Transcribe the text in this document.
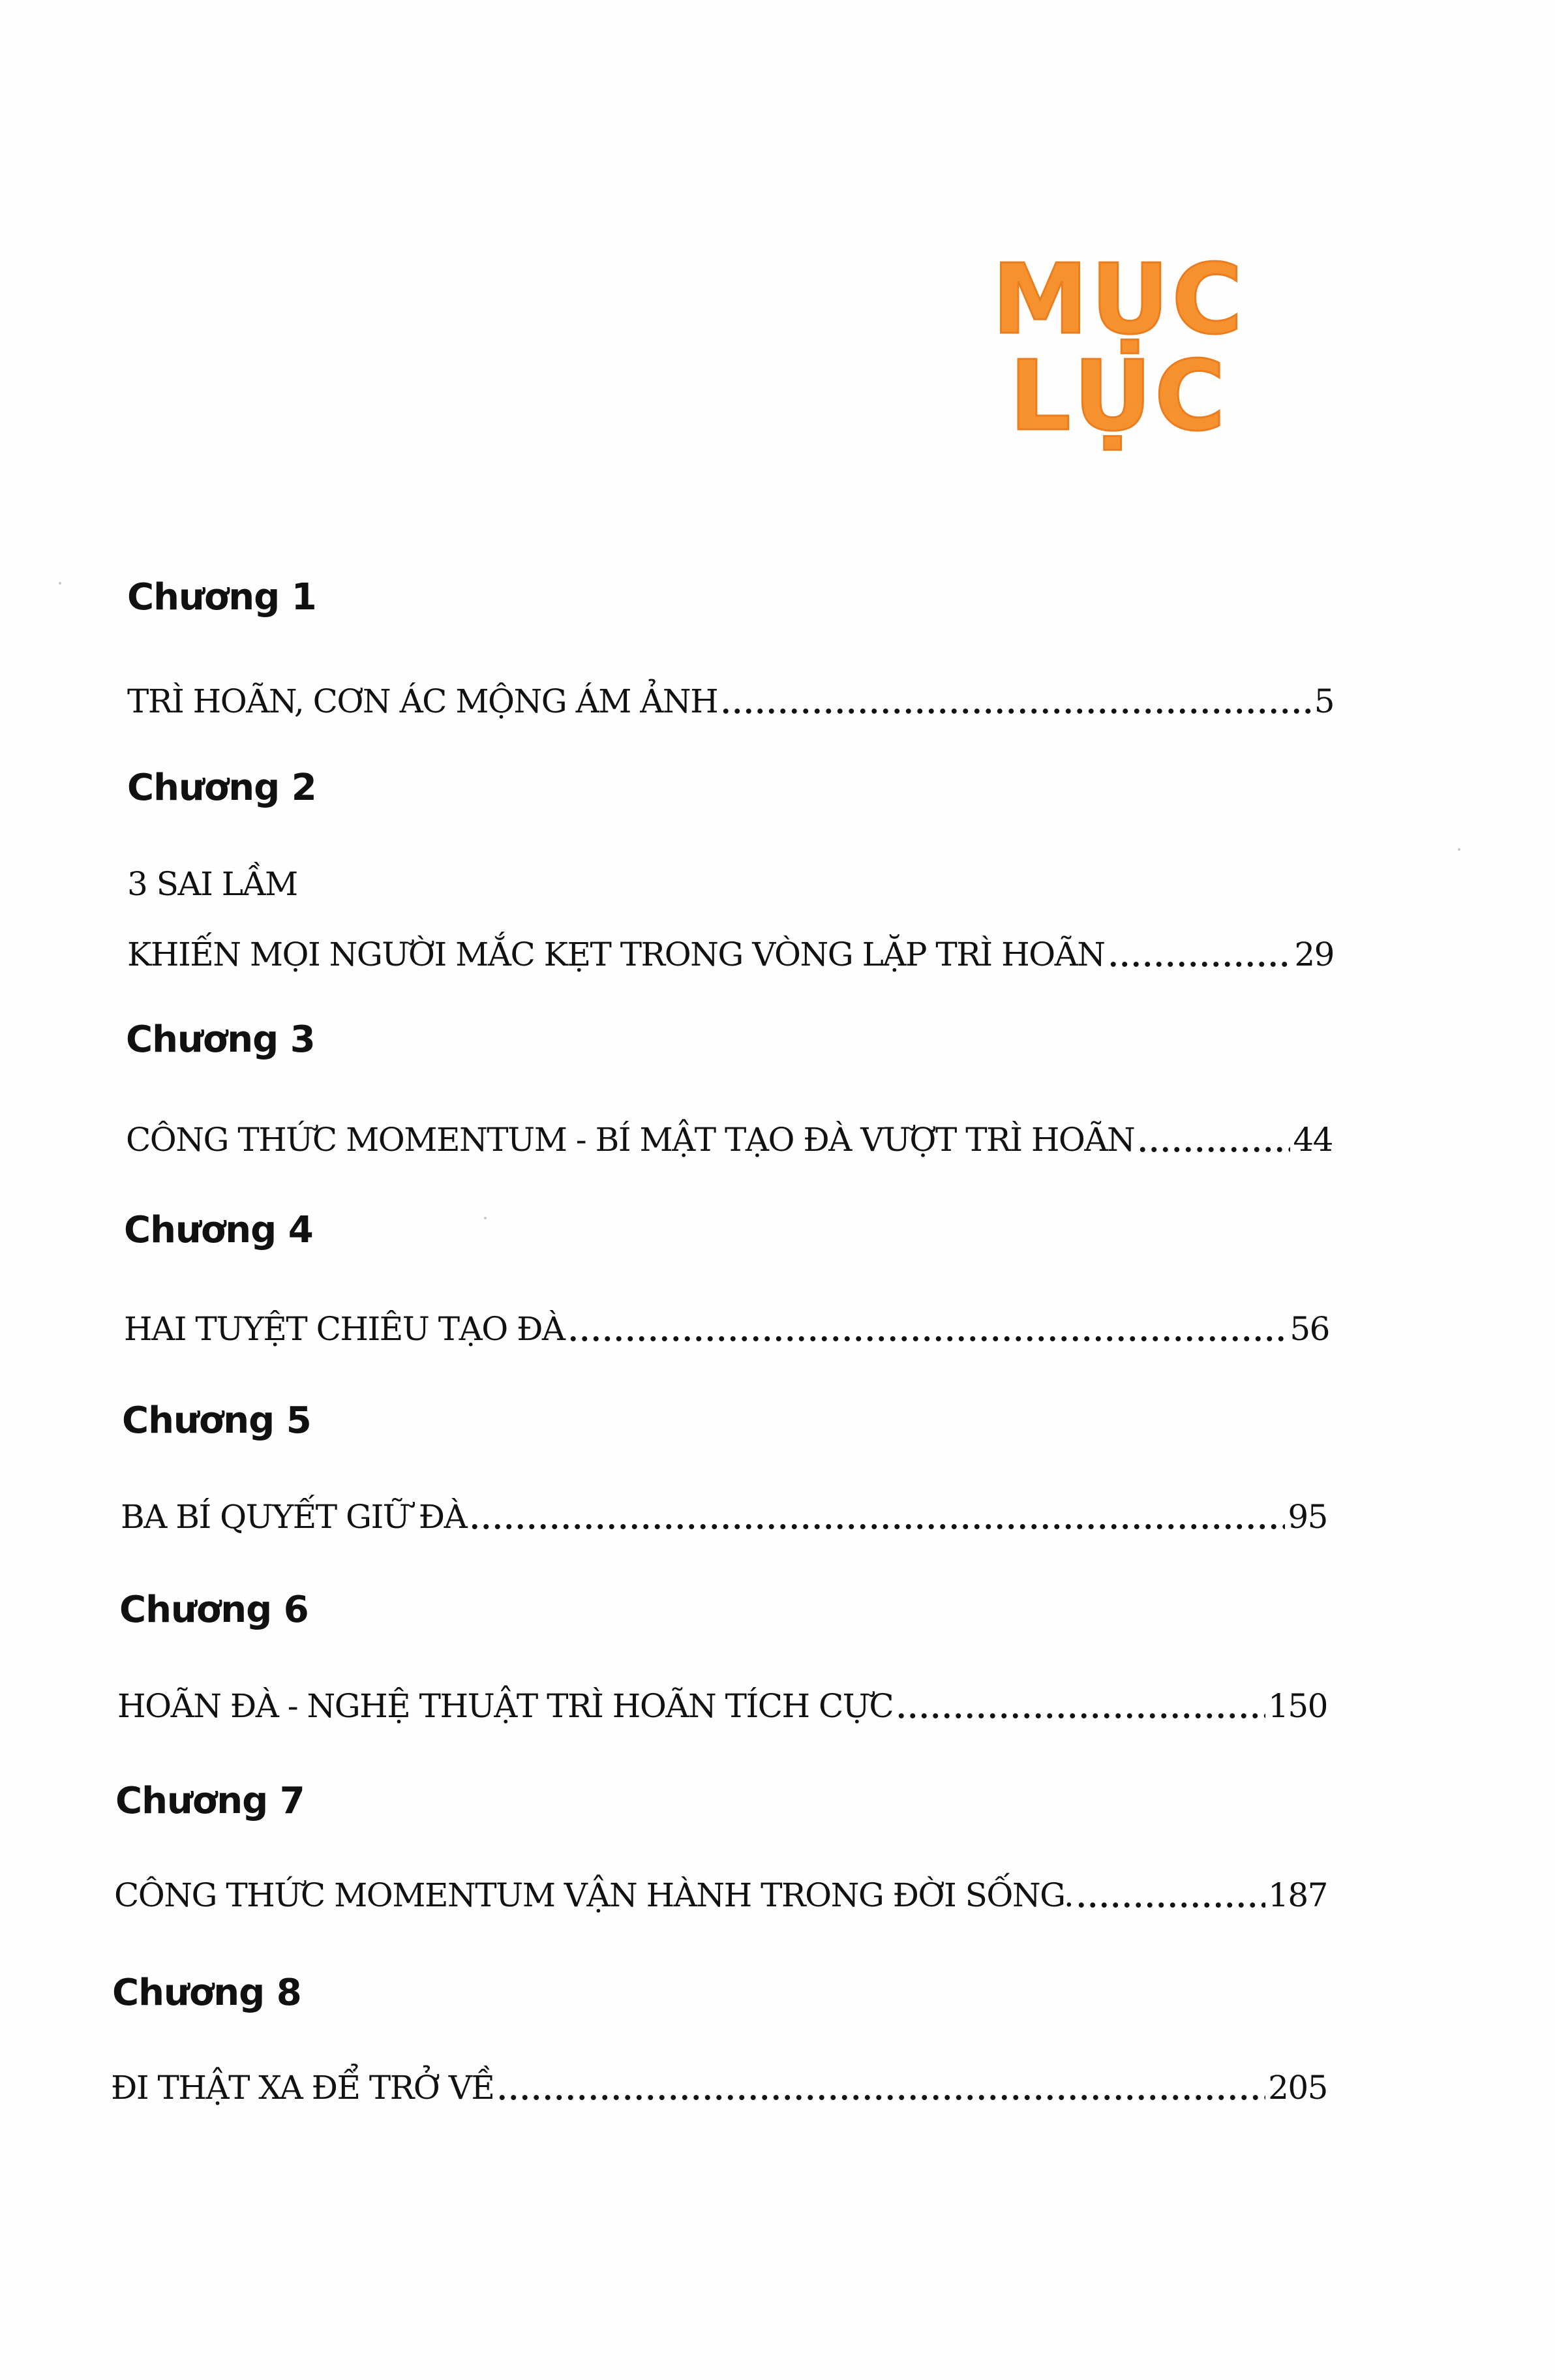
MỤC LỤC
Chương 1
TRÌ HOÃN, CƠN ÁC MỘNG ÁM ẢNH	5
Chương 2
3 SAI LẦM
KHIẾN MỌI NGƯỜI MẮC KẸT TRONG VÒNG LẶP TRÌ HOÃN	29
Chương 3
CÔNG THỨC MOMENTUM - BÍ MẬT TẠO ĐÀ VƯỢT TRÌ HOÃN	44
Chương 4
HAI TUYỆT CHIÊU TẠO ĐÀ	56
Chương 5
BA BÍ QUYẾT GIỮ ĐÀ	95
Chương 6
HOÃN ĐÀ - NGHỆ THUẬT TRÌ HOÃN TÍCH CỰC	150
Chương 7
CÔNG THỨC MOMENTUM VẬN HÀNH TRONG ĐỜI SỐNG.	187
Chương 8
ĐI THẬT XA ĐỂ TRỞ VỀ	205
